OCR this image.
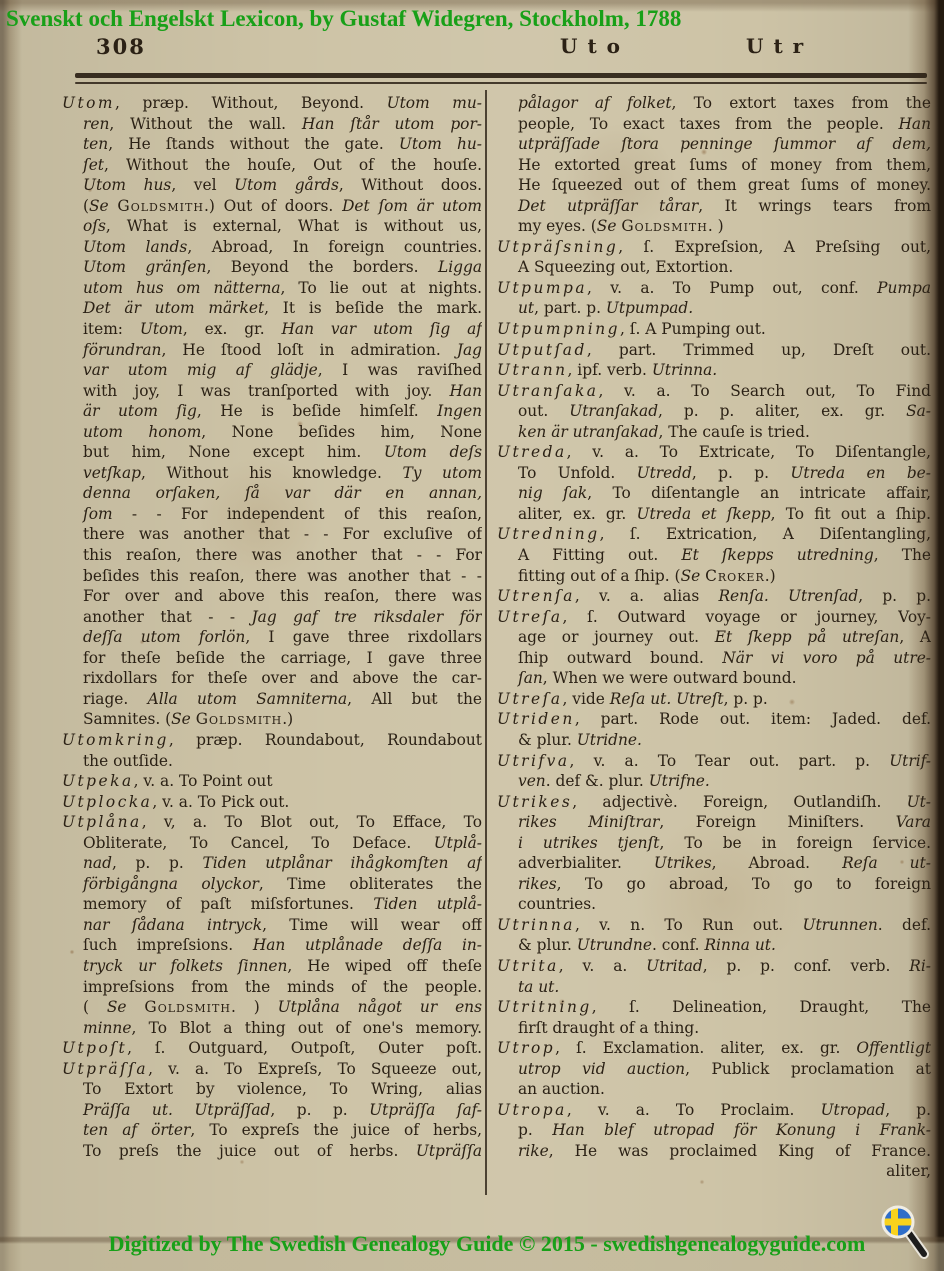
Svenskt och Engelskt Lexicon, by Gustaf Widegren, Stockholm, 1788
308	Uto	Utr
Utom, præp. Without, Beyond. Utom mu-
ren, Without the wall. Han ſtår utom por-
ten, He ſtands without the gate. Utom hu-
ſet, Without the houſe, Out of the houſe.
Utom hus, vel Utom gårds, Without doos.
(Se Goldsmith.) Out of doors. Det ſom är utom
oſs, What is external, What is without us,
Utom lands, Abroad, In foreign countries.
Utom gränſen, Beyond the borders. Ligga
utom hus om nätterna, To lie out at nights.
Det är utom märket, It is beſide the mark.
item: Utom, ex. gr. Han var utom ſig af
förundran, He ſtood loſt in admiration. Jag
var utom mig af glädje, I was raviſhed
with joy, I was tranſported with joy. Han
är utom ſig, He is beſide himſelf. Ingen
utom honom, None beſides him, None
but him, None except him. Utom deſs
vetſkap, Without his knowledge. Ty utom
denna orſaken, ſå var där en annan,
ſom - - For independent of this reaſon,
there was another that - - For excluſive of
this reaſon, there was another that - - For
beſides this reaſon, there was another that - -
For over and above this reaſon, there was
another that - - Jag gaf tre riksdaler för
deſſa utom forlön, I gave three rixdollars
for theſe beſide the carriage, I gave three
rixdollars for theſe over and above the car-
riage. Alla utom Samniterna, All but the
Samnites. (Se Goldsmith.)
Utomkring, præp. Roundabout, Roundabout
the outſide.
Utpeka, v. a. To Point out
Utplocka, v. a. To Pick out.
Utplåna, v, a. To Blot out, To Efface, To
Obliterate, To Cancel, To Deface. Utplå-
nad, p. p. Tiden utplånar ihågkomſten af
förbigångna olyckor, Time obliterates the
memory of paſt miſsfortunes. Tiden utplå-
nar ſådana intryck, Time will wear off
ſuch impreſsions. Han utplånade deſſa in-
tryck ur folkets ſinnen, He wiped off theſe
impreſsions from the minds of the people.
( Se Goldsmith. ) Utplåna något ur ens
minne, To Blot a thing out of one's memory.
Utpoſt, ſ. Outguard, Outpoſt, Outer poſt.
Utpräſſa, v. a. To Expreſs, To Squeeze out,
To Extort by violence, To Wring, alias
Präſſa ut. Utpräſſad, p. p. Utpräſſa ſaf-
ten af örter, To expreſs the juice of herbs,
To preſs the juice out of herbs. Utpräſſa
pålagor af folket, To extort taxes from the
people, To exact taxes from the people. Han
utpräſſade ſtora penninge ſummor af dem,
He extorted great ſums of money from them,
He ſqueezed out of them great ſums of money.
Det utpräſſar tårar, It wrings tears from
my eyes. (Se Goldsmith. )
Utpräſsning, ſ. Expreſsion, A Preſsing out,
A Squeezing out, Extortion.
Utpumpa, v. a. To Pump out, conf. Pumpa
ut, part. p. Utpumpad.
Utpumpning, ſ. A Pumping out.
Utputſad, part. Trimmed up, Dreſt out.
Utrann, ipf. verb. Utrinna.
Utranſaka, v. a. To Search out, To Find
out. Utranſakad, p. p. aliter, ex. gr. Sa-
ken är utranſakad, The cauſe is tried.
Utreda, v. a. To Extricate, To Diſentangle,
To Unfold. Utredd, p. p. Utreda en be-
nig ſak, To diſentangle an intricate affair,
aliter, ex. gr. Utreda et ſkepp, To fit out a ſhip.
Utredning, ſ. Extrication, A Diſentangling,
A Fitting out. Et ſkepps utredning, The
fitting out of a ſhip. (Se Croker.)
Utrenſa, v. a. alias Renſa. Utrenſad, p. p.
Utreſa, ſ. Outward voyage or journey, Voy-
age or journey out. Et ſkepp på utreſan, A
ſhip outward bound. När vi voro på utre-
ſan, When we were outward bound.
Utreſa, vide Reſa ut. Utreſt, p. p.
Utriden, part. Rode out. item: Jaded. def.
& plur. Utridne.
Utrifva, v. a. To Tear out. part. p. Utrif-
ven. def &. plur. Utrifne.
Utrikes, adjectivè. Foreign, Outlandiſh. Ut-
rikes Miniſtrar, Foreign Miniſters. Vara
i utrikes tjenſt, To be in foreign ſervice.
adverbialiter. Utrikes, Abroad. Reſa ut-
rikes, To go abroad, To go to foreign
countries.
Utrinna, v. n. To Run out. Utrunnen. def.
& plur. Utrundne. conf. Rinna ut.
Utrita, v. a. Utritad, p. p. conf. verb. Ri-
ta ut.
Utritning, ſ. Delineation, Draught, The
firſt draught of a thing.
Utrop, ſ. Exclamation. aliter, ex. gr. Offentligt
utrop vid auction, Publick proclamation at
an auction.
Utropa, v. a. To Proclaim. Utropad, p.
p. Han blef utropad för Konung i Frank-
rike, He was proclaimed King of France.
aliter,
Digitized by The Swedish Genealogy Guide © 2015 - swedishgenealogyguide.com
